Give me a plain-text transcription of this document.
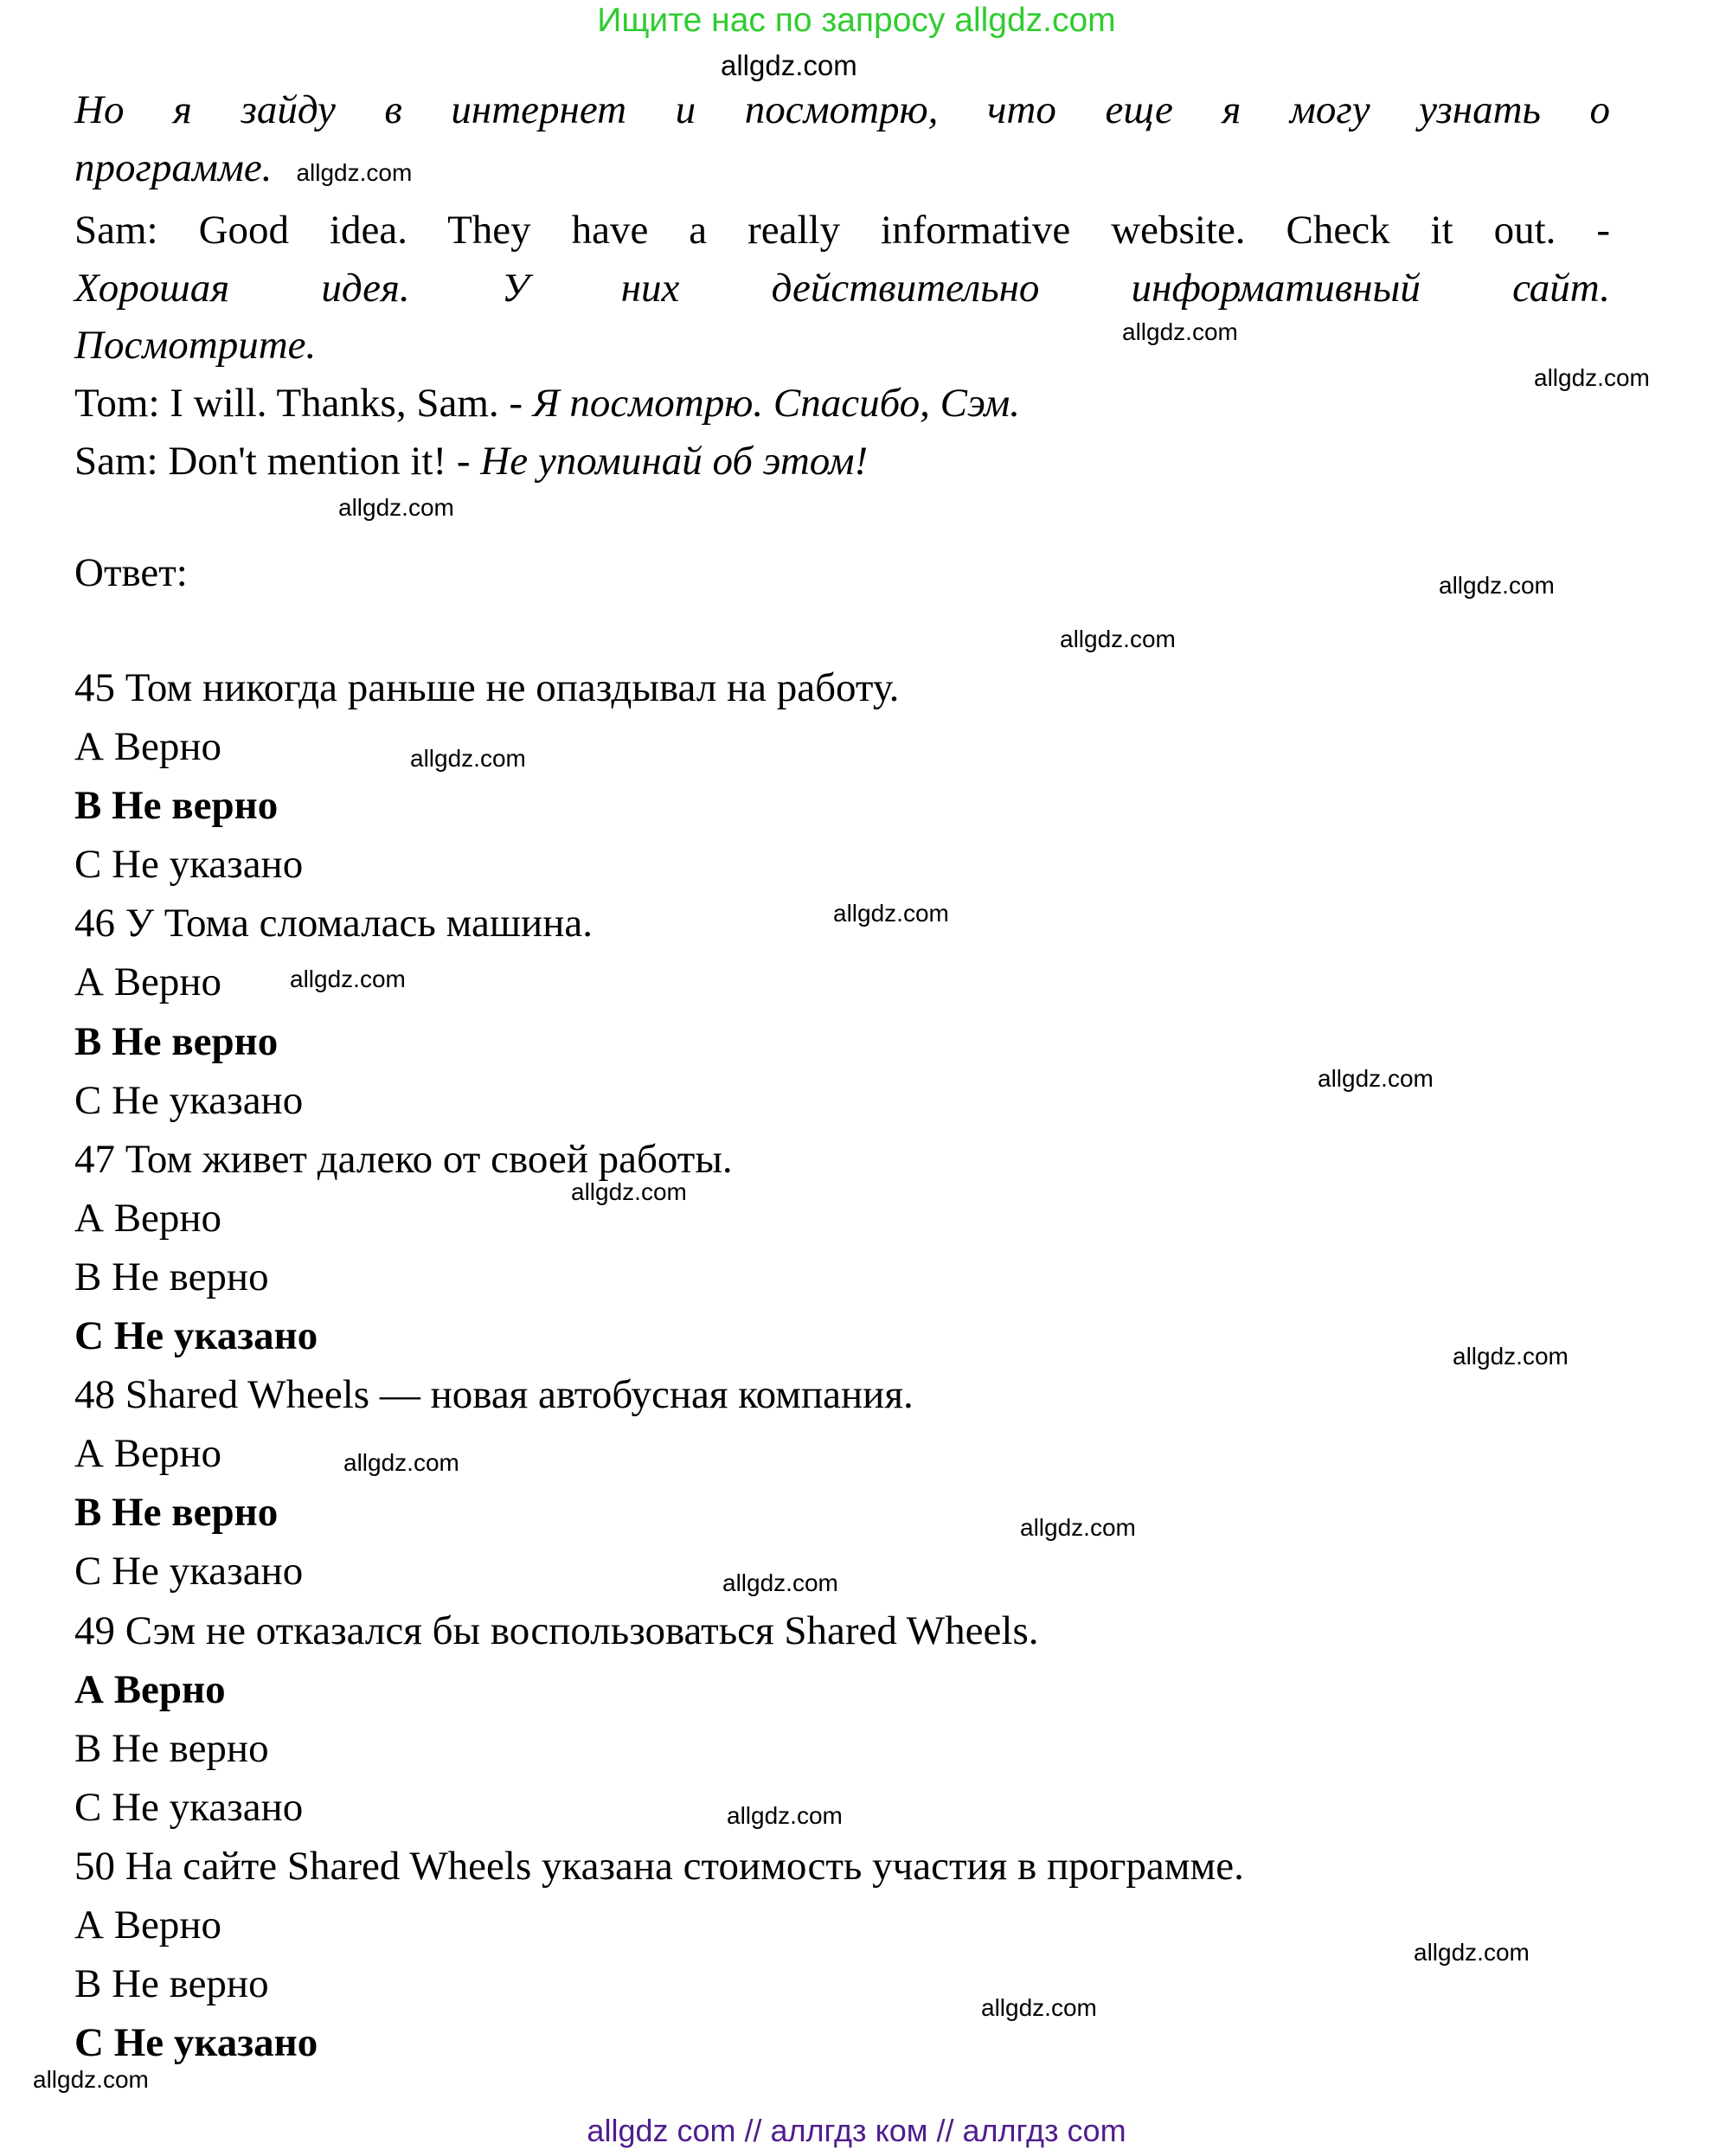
Ищите нас по запросу allgdz.com
allgdz.com
Но я зайду в интернет и посмотрю, что еще я могу узнать о
программе. allgdz.com
Sam: Good idea. They have a really informative website. Check it out. -
Хорошая идея. У них действительно информативный сайт.
Посмотрите.
Tom: I will. Thanks, Sam. - Я посмотрю. Спасибо, Сэм.
Sam: Don't mention it! - Не упоминай об этом!
Ответ:
45 Том никогда раньше не опаздывал на работу.
А Верно
В Не верно
С Не указано
46 У Тома сломалась машина.
А Верно
В Не верно
С Не указано
47 Том живет далеко от своей работы.
А Верно
В Не верно
С Не указано
48 Shared Wheels — новая автобусная компания.
А Верно
В Не верно
С Не указано
49 Сэм не отказался бы воспользоваться Shared Wheels.
А Верно
В Не верно
С Не указано
50 На сайте Shared Wheels указана стоимость участия в программе.
А Верно
В Не верно
С Не указано
allgdz.com
allgdz.com
allgdz.com
allgdz.com
allgdz.com
allgdz.com
allgdz.com
allgdz.com
allgdz.com
allgdz.com
allgdz.com
allgdz.com
allgdz.com
allgdz.com
allgdz.com
allgdz.com
allgdz.com
allgdz.com
allgdz com // аллгдз ком // аллгдз com
